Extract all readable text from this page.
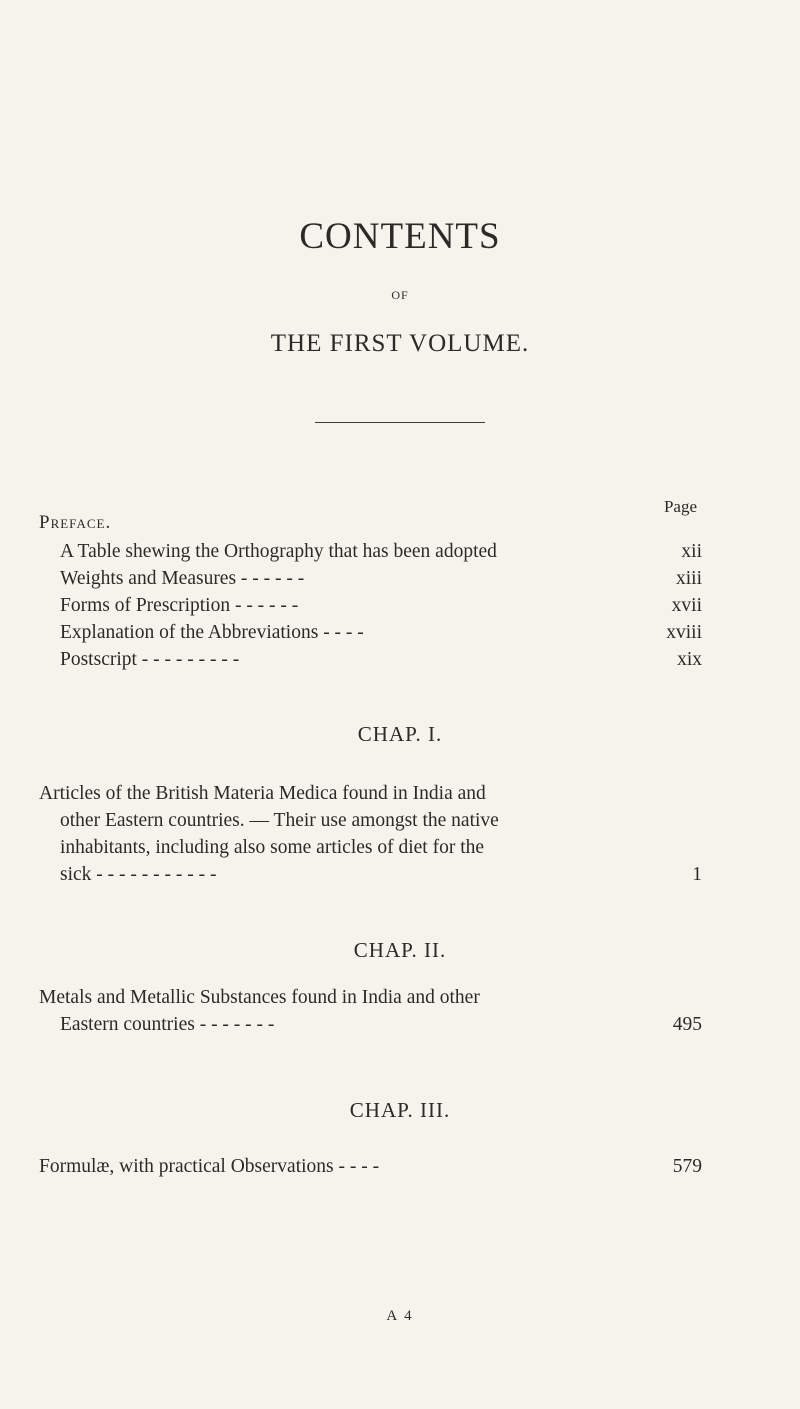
CONTENTS
OF
THE FIRST VOLUME.
Page
Preface.
A Table shewing the Orthography that has been adopted	xii
Weights and Measures - - - - - -	xiii
Forms of Prescription - - - - - -	xvii
Explanation of the Abbreviations - - - -	xviii
Postscript - - - - - - - - -	xix
CHAP. I.
Articles of the British Materia Medica found in India and
other Eastern countries. — Their use amongst the native
inhabitants, including also some articles of diet for the
sick - - - - - - - - - - -	1
CHAP. II.
Metals and Metallic Substances found in India and other
Eastern countries - - - - - - -	495
CHAP. III.
Formulæ, with practical Observations - - - -	579
A 4
